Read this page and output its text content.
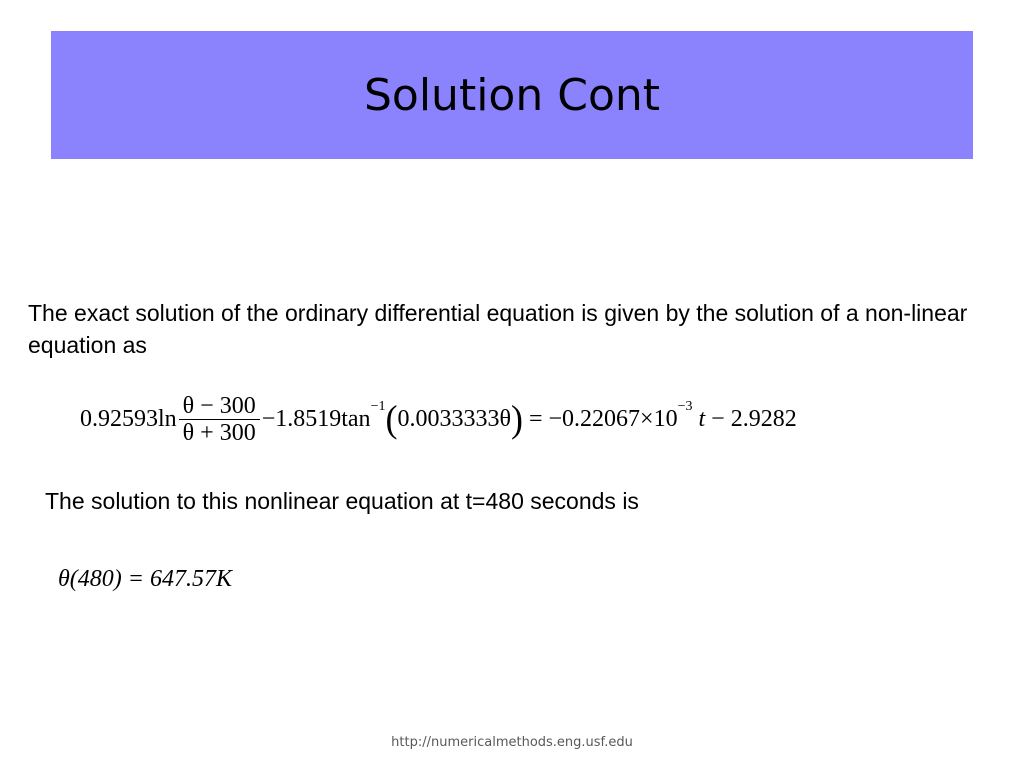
Solution Cont
The exact solution of the ordinary differential equation is given by the solution of a non-linear equation as
$0.92593\ln \frac{\theta - 300}{\theta + 300} -1.8519\tan -1$ ( 0.0033333θ ) = −0.22067×10 −3 t − 2.9282
The solution to this nonlinear equation at t=480 seconds is
θ(480) = 647.57 K
http://numericalmethods.eng.usf.edu
